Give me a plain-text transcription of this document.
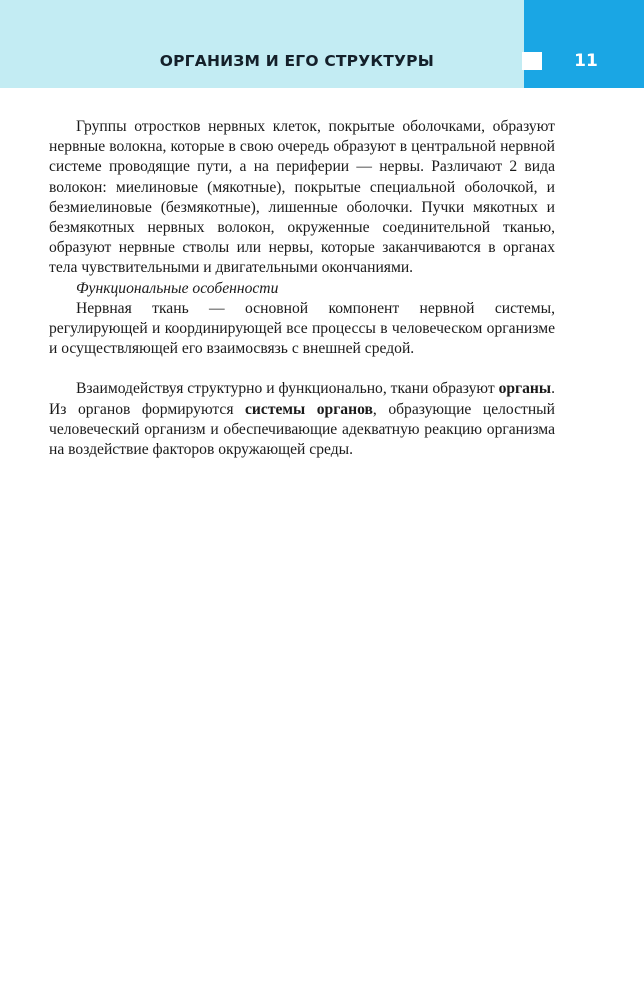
ОРГАНИЗМ И ЕГО СТРУКТУРЫ	11

Группы отростков нервных клеток, покрытые оболочками, образуют нервные волокна, которые в свою очередь образуют в центральной нервной системе проводящие пути, а на периферии — нервы. Различают 2 вида волокон: миелиновые (мякотные), покрытые специальной оболочкой, и безмиелиновые (безмякотные), лишенные оболочки. Пучки мякотных и безмякотных нервных волокон, окруженные соединительной тканью, образуют нервные стволы или нервы, которые заканчиваются в органах тела чувствительными и двигательными окончаниями.

Функциональные особенности

Нервная ткань — основной компонент нервной системы, регулирующей и координирующей все процессы в человеческом организме и осуществляющей его взаимосвязь с внешней средой.

Взаимодействуя структурно и функционально, ткани образуют органы. Из органов формируются системы органов, образующие целостный человеческий организм и обеспечивающие адекватную реакцию организма на воздействие факторов окружающей среды.
